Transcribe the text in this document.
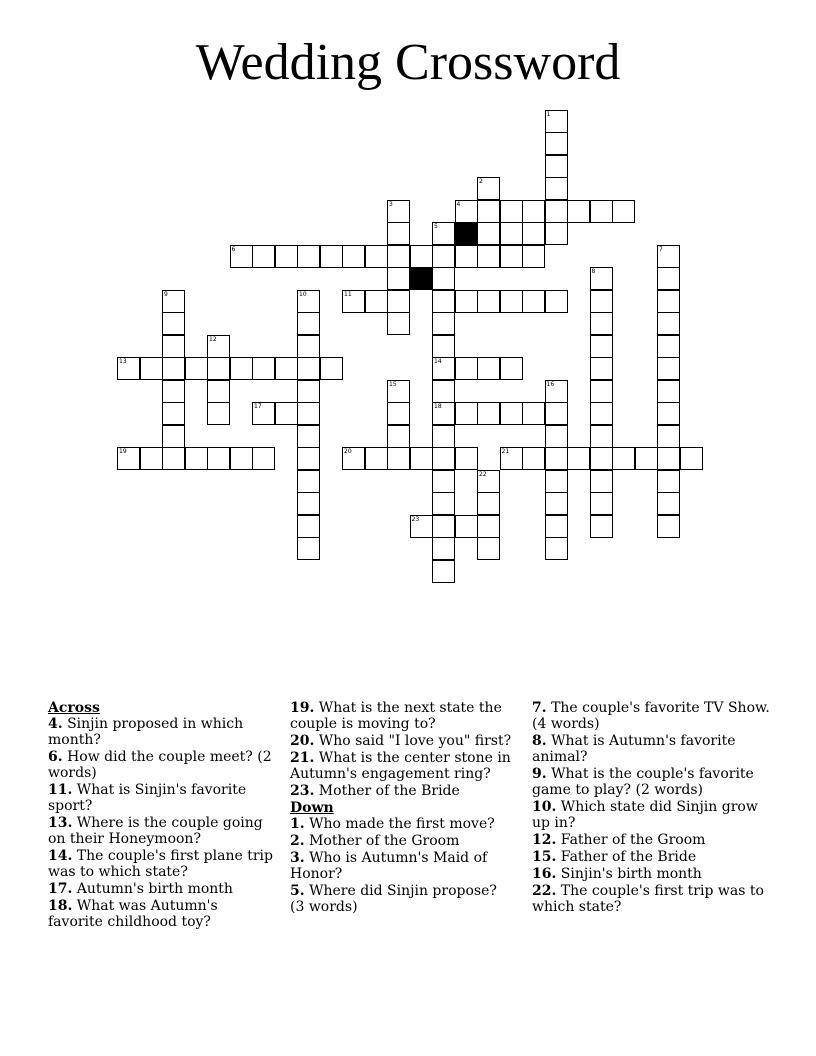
Wedding Crossword
1
2
3	4
5
6	7
8
9	10	11
12
13	14
15	16
17	18
19	20	21
22
23
Across
4. Sinjin proposed in which month?
6. How did the couple meet? (2 words)
11. What is Sinjin's favorite sport?
13. Where is the couple going on their Honeymoon?
14. The couple's first plane trip was to which state?
17. Autumn's birth month
18. What was Autumn's favorite childhood toy?
19. What is the next state the couple is moving to?
20. Who said "I love you" first?
21. What is the center stone in Autumn's engagement ring?
23. Mother of the Bride
Down
1. Who made the first move?
2. Mother of the Groom
3. Who is Autumn's Maid of Honor?
5. Where did Sinjin propose? (3 words)
7. The couple's favorite TV Show. (4 words)
8. What is Autumn's favorite animal?
9. What is the couple's favorite game to play? (2 words)
10. Which state did Sinjin grow up in?
12. Father of the Groom
15. Father of the Bride
16. Sinjin's birth month
22. The couple's first trip was to which state?
